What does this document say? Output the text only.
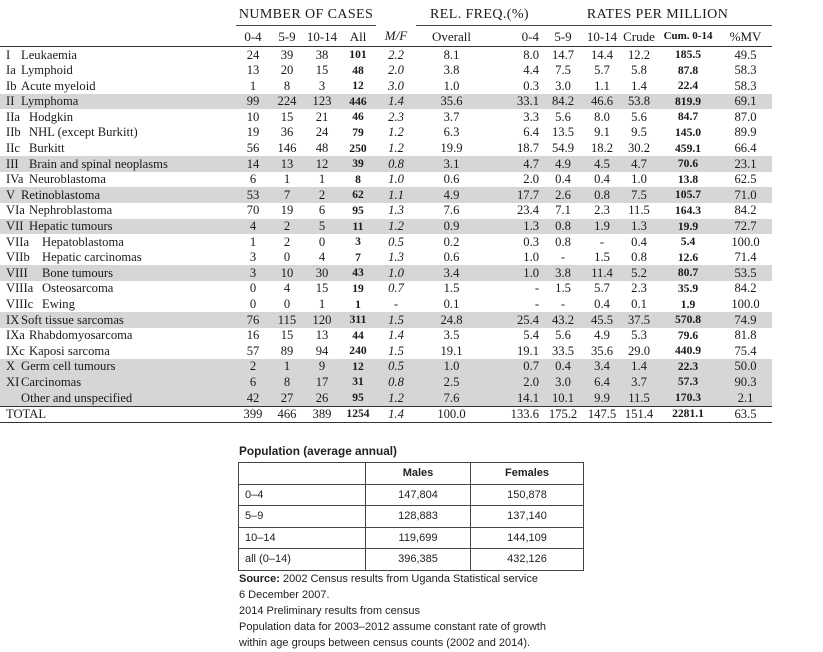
	NUMBER OF CASES					REL. FREQ.(%)		RATES PER MILLION					
	0-4	5-9	10-14	All	M/F	Overall	0-4	5-9	10-14	Crude	Cum. 0-14	%MV	
I Leukaemia	24	39	38	101	2.2	8.1	8.0	14.7	14.4	12.2	185.5	49.5	
Ia Lymphoid	13	20	15	48	2.0	3.8	4.4	7.5	5.7	5.8	87.8	58.3	
Ib Acute myeloid	1	8	3	12	3.0	1.0	0.3	3.0	1.1	1.4	22.4	58.3	
II Lymphoma	99	224	123	446	1.4	35.6	33.1	84.2	46.6	53.8	819.9	69.1	
IIa Hodgkin	10	15	21	46	2.3	3.7	3.3	5.6	8.0	5.6	84.7	87.0	
IIb NHL (except Burkitt)	19	36	24	79	1.2	6.3	6.4	13.5	9.1	9.5	145.0	89.9	
IIc Burkitt	56	146	48	250	1.2	19.9	18.7	54.9	18.2	30.2	459.1	66.4	
III Brain and spinal neoplasms	14	13	12	39	0.8	3.1	4.7	4.9	4.5	4.7	70.6	23.1	
IVa Neuroblastoma	6	1	1	8	1.0	0.6	2.0	0.4	0.4	1.0	13.8	62.5	
V Retinoblastoma	53	7	2	62	1.1	4.9	17.7	2.6	0.8	7.5	105.7	71.0	
VIa Nephroblastoma	70	19	6	95	1.3	7.6	23.4	7.1	2.3	11.5	164.3	84.2	
VII Hepatic tumours	4	2	5	11	1.2	0.9	1.3	0.8	1.9	1.3	19.9	72.7	
VIIa Hepatoblastoma	1	2	0	3	0.5	0.2	0.3	0.8	-	0.4	5.4	100.0	
VIIb Hepatic carcinomas	3	0	4	7	1.3	0.6	1.0	-	1.5	0.8	12.6	71.4	
VIII Bone tumours	3	10	30	43	1.0	3.4	1.0	3.8	11.4	5.2	80.7	53.5	
VIIIa Osteosarcoma	0	4	15	19	0.7	1.5	-	1.5	5.7	2.3	35.9	84.2	
VIIIc Ewing	0	0	1	1	-	0.1	-	-	0.4	0.1	1.9	100.0	
IX Soft tissue sarcomas	76	115	120	311	1.5	24.8	25.4	43.2	45.5	37.5	570.8	74.9	
IXa Rhabdomyosarcoma	16	15	13	44	1.4	3.5	5.4	5.6	4.9	5.3	79.6	81.8	
IXc Kaposi sarcoma	57	89	94	240	1.5	19.1	19.1	33.5	35.6	29.0	440.9	75.4	
X Germ cell tumours	2	1	9	12	0.5	1.0	0.7	0.4	3.4	1.4	22.3	50.0	
XI Carcinomas	6	8	17	31	0.8	2.5	2.0	3.0	6.4	3.7	57.3	90.3	
Other and unspecified	42	27	26	95	1.2	7.6	14.1	10.1	9.9	11.5	170.3	2.1	
TOTAL	399	466	389	1254	1.4	100.0	133.6	175.2	147.5	151.4	2281.1	63.5	
Population (average annual)
	Males	Females
0–4	147,804	150,878
5–9	128,883	137,140
10–14	119,699	144,109
all (0–14)	396,385	432,126
Source: 2002 Census results from Uganda Statistical service
6 December 2007.
2014 Preliminary results from census
Population data for 2003–2012 assume constant rate of growth
within age groups between census counts (2002 and 2014).
